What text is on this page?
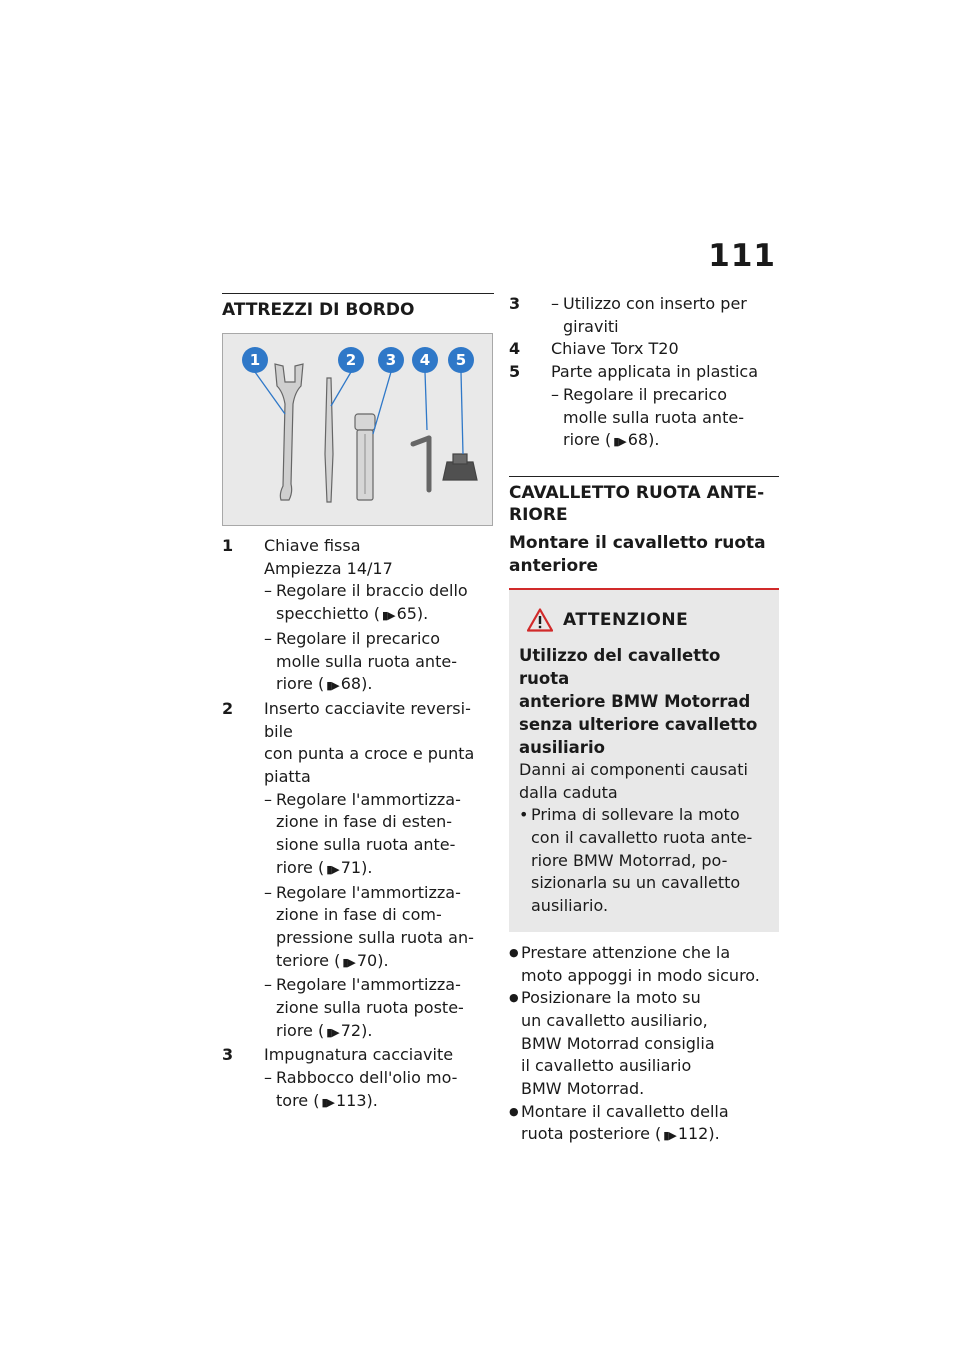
111
ATTREZZI DI BORDO
1	2 3 4 5
1	Chiave fissa
Ampiezza 14/17
– Regolare il braccio dello
specchietto ( ▮▶ 65).
– Regolare il precarico
molle sulla ruota ante-
riore ( ▮▶ 68).
2	Inserto cacciavite reversi-
bile
con punta a croce e punta
piatta
– Regolare l'ammortizza-
zione in fase di esten-
sione sulla ruota ante-
riore ( ▮▶ 71).
– Regolare l'ammortizza-
zione in fase di com-
pressione sulla ruota an-
teriore ( ▮▶ 70).
– Regolare l'ammortizza-
zione sulla ruota poste-
riore ( ▮▶ 72).
3	Impugnatura cacciavite
– Rabbocco dell'olio mo-
tore ( ▮▶ 113).
3	– Utilizzo con inserto per
giraviti
4	Chiave Torx T20
5	Parte applicata in plastica
– Regolare il precarico
molle sulla ruota ante-
riore ( ▮▶ 68).
CAVALLETTO RUOTA ANTE-
RIORE
Montare il cavalletto ruota
anteriore
ATTENZIONE
Utilizzo del cavalletto ruota
anteriore BMW Motorrad
senza ulteriore cavalletto
ausiliario
Danni ai componenti causati
dalla caduta
• Prima di sollevare la moto
con il cavalletto ruota ante-
riore BMW Motorrad, po-
sizionarla su un cavalletto
ausiliario.
● Prestare attenzione che la
moto appoggi in modo sicuro.
● Posizionare la moto su
un cavalletto ausiliario,
BMW Motorrad consiglia
il cavalletto ausiliario
BMW Motorrad.
● Montare il cavalletto della
ruota posteriore ( ▮▶ 112).
